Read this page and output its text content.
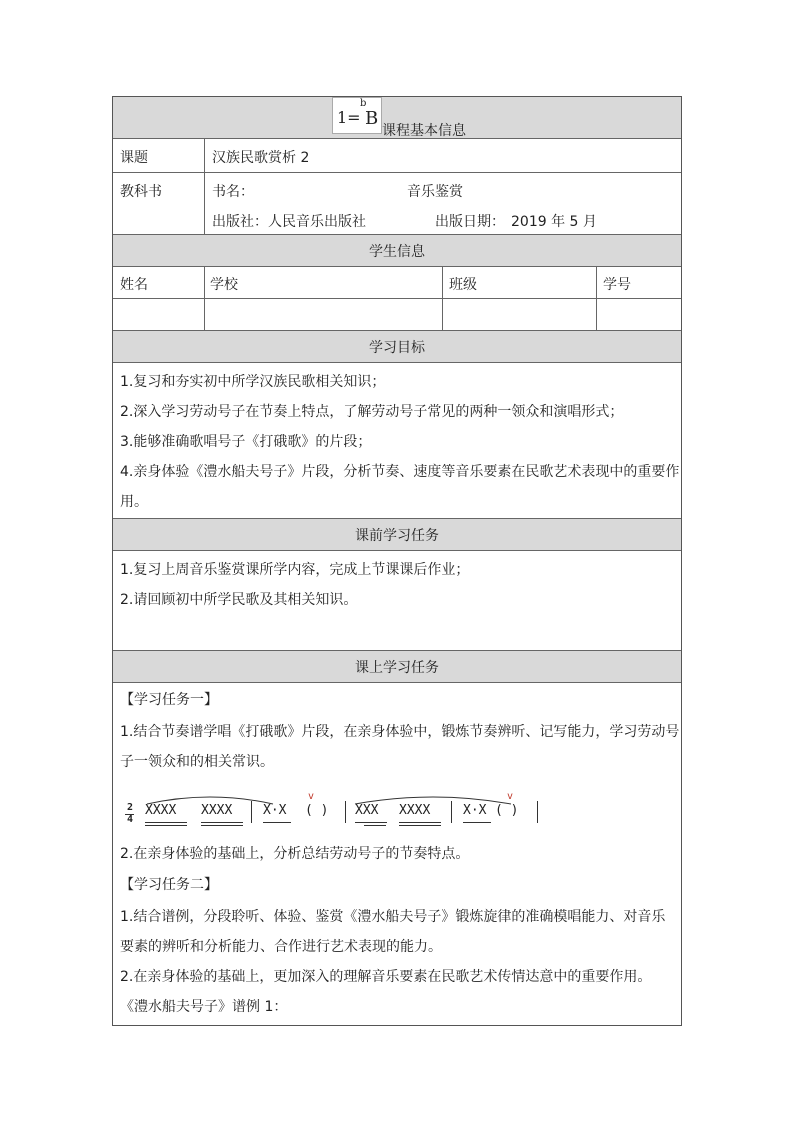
1=
b
B
课程基本信息
课题	汉族民歌赏析 2
教科书	书名：	音乐鉴赏
出版社：人民音乐出版社	出版日期： 2019 年 5 月
学生信息
姓名	学校	班级	学号
学习目标
1.复习和夯实初中所学汉族民歌相关知识；
2.深入学习劳动号子在节奏上特点，了解劳动号子常见的两种一领众和演唱形式；
3.能够准确歌唱号子《打硪歌》的片段；
4.亲身体验《澧水船夫号子》片段，分析节奏、速度等音乐要素在民歌艺术表现中的重要作
用。
课前学习任务
1.复习上周音乐鉴赏课所学内容，完成上节课课后作业；
2.请回顾初中所学民歌及其相关知识。
课上学习任务
【学习任务一】
1.结合节奏谱学唱《打硪歌》片段，在亲身体验中，锻炼节奏辨听、记写能力，学习劳动号
子一领众和的相关常识。
2
4
XXXX XXXX X·X
v
( ) XXX XXXX	X·X
v
( )
2.在亲身体验的基础上，分析总结劳动号子的节奏特点。
【学习任务二】
1.结合谱例，分段聆听、体验、鉴赏《澧水船夫号子》锻炼旋律的准确模唱能力、对音乐
要素的辨听和分析能力、合作进行艺术表现的能力。
2.在亲身体验的基础上，更加深入的理解音乐要素在民歌艺术传情达意中的重要作用。
《澧水船夫号子》谱例 1：
